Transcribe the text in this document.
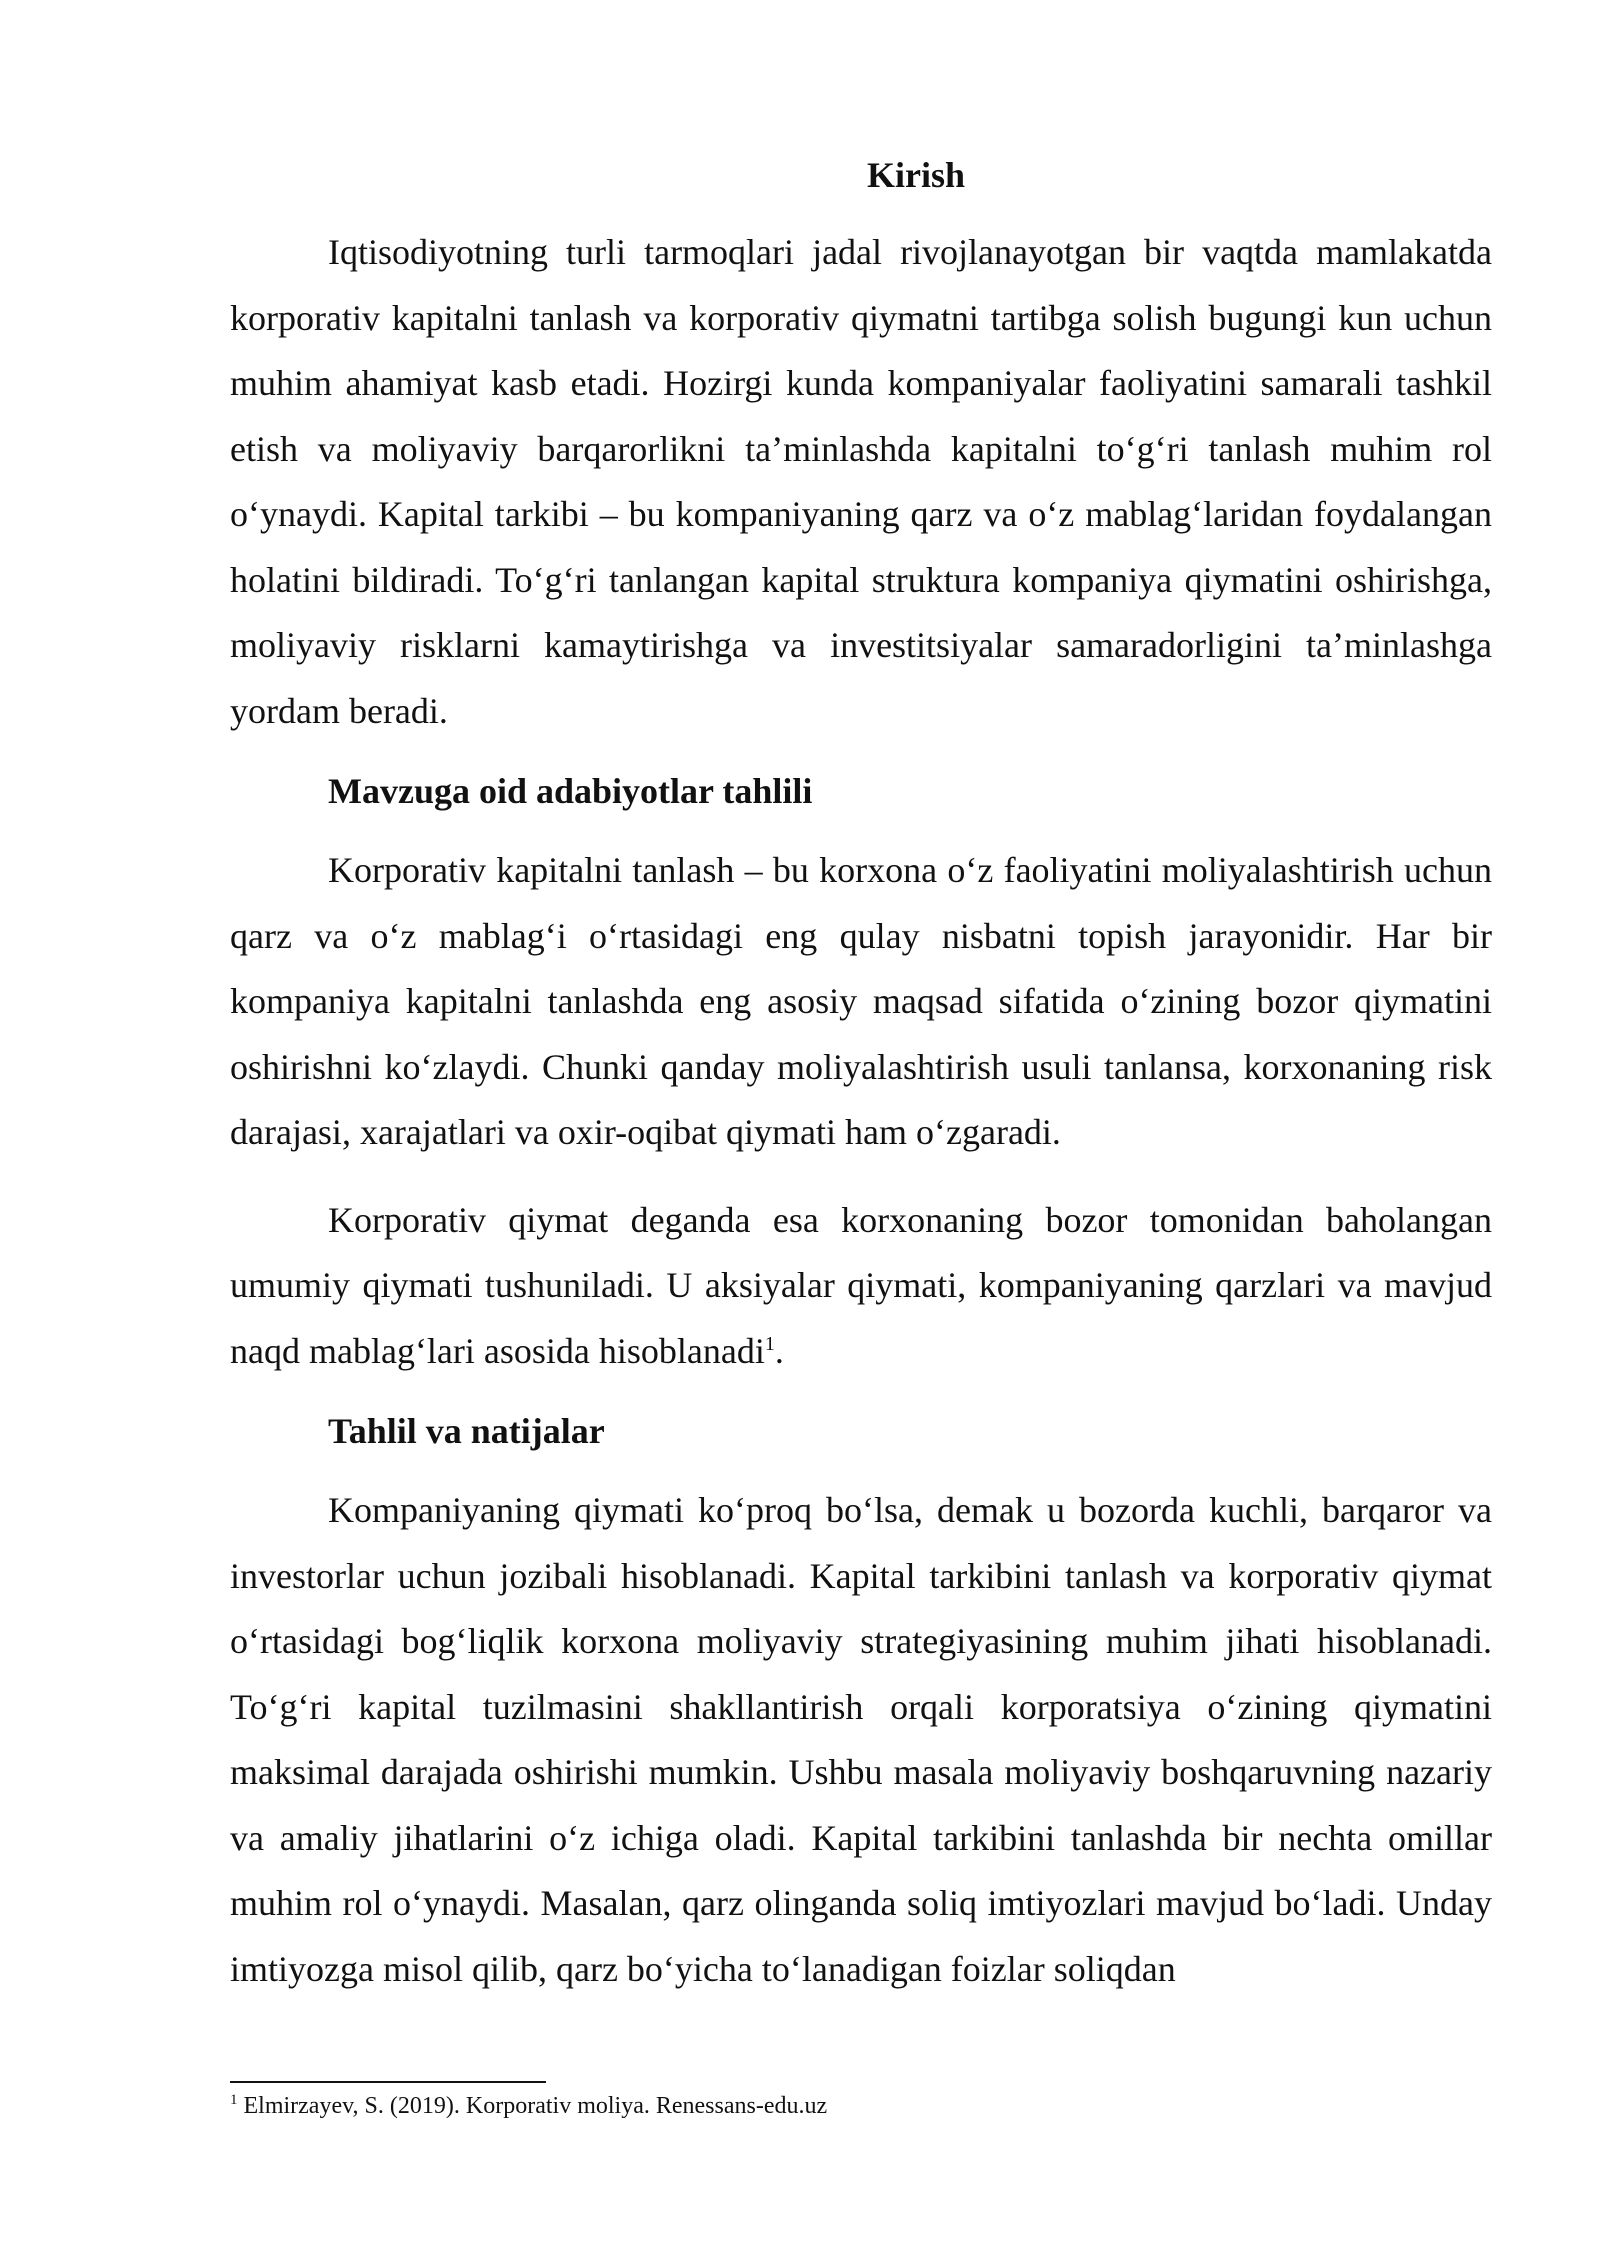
Kirish

Iqtisodiyotning turli tarmoqlari jadal rivojlanayotgan bir vaqtda mamlakatda korporativ kapitalni tanlash va korporativ qiymatni tartibga solish bugungi kun uchun muhim ahamiyat kasb etadi. Hozirgi kunda kompaniyalar faoliyatini samarali tashkil etish va moliyaviy barqarorlikni ta’minlashda kapitalni to‘g‘ri tanlash muhim rol o‘ynaydi. Kapital tarkibi – bu kompaniyaning qarz va o‘z mablag‘laridan foydalangan holatini bildiradi. To‘g‘ri tanlangan kapital struktura kompaniya qiymatini oshirishga, moliyaviy risklarni kamaytirishga va investitsiyalar samaradorligini ta’minlashga yordam beradi.

Mavzuga oid adabiyotlar tahlili

Korporativ kapitalni tanlash – bu korxona o‘z faoliyatini moliyalashtirish uchun qarz va o‘z mablag‘i o‘rtasidagi eng qulay nisbatni topish jarayonidir. Har bir kompaniya kapitalni tanlashda eng asosiy maqsad sifatida o‘zining bozor qiymatini oshirishni ko‘zlaydi. Chunki qanday moliyalashtirish usuli tanlansa, korxonaning risk darajasi, xarajatlari va oxir-oqibat qiymati ham o‘zgaradi.

Korporativ qiymat deganda esa korxonaning bozor tomonidan baholangan umumiy qiymati tushuniladi. U aksiyalar qiymati, kompaniyaning qarzlari va mavjud naqd mablag‘lari asosida hisoblanadi$^1$.

Tahlil va natijalar

Kompaniyaning qiymati ko‘proq bo‘lsa, demak u bozorda kuchli, barqaror va investorlar uchun jozibali hisoblanadi. Kapital tarkibini tanlash va korporativ qiymat o‘rtasidagi bog‘liqlik korxona moliyaviy strategiyasining muhim jihati hisoblanadi. To‘g‘ri kapital tuzilmasini shakllantirish orqali korporatsiya o‘zining qiymatini maksimal darajada oshirishi mumkin. Ushbu masala moliyaviy boshqaruvning nazariy va amaliy jihatlarini o‘z ichiga oladi. Kapital tarkibini tanlashda bir nechta omillar muhim rol o‘ynaydi. Masalan, qarz olinganda soliq imtiyozlari mavjud bo‘ladi. Unday imtiyozga misol qilib, qarz bo‘yicha to‘lanadigan foizlar soliqdan

$^1$ Elmirzayev, S. (2019). Korporativ moliya. Renessans-edu.uz
